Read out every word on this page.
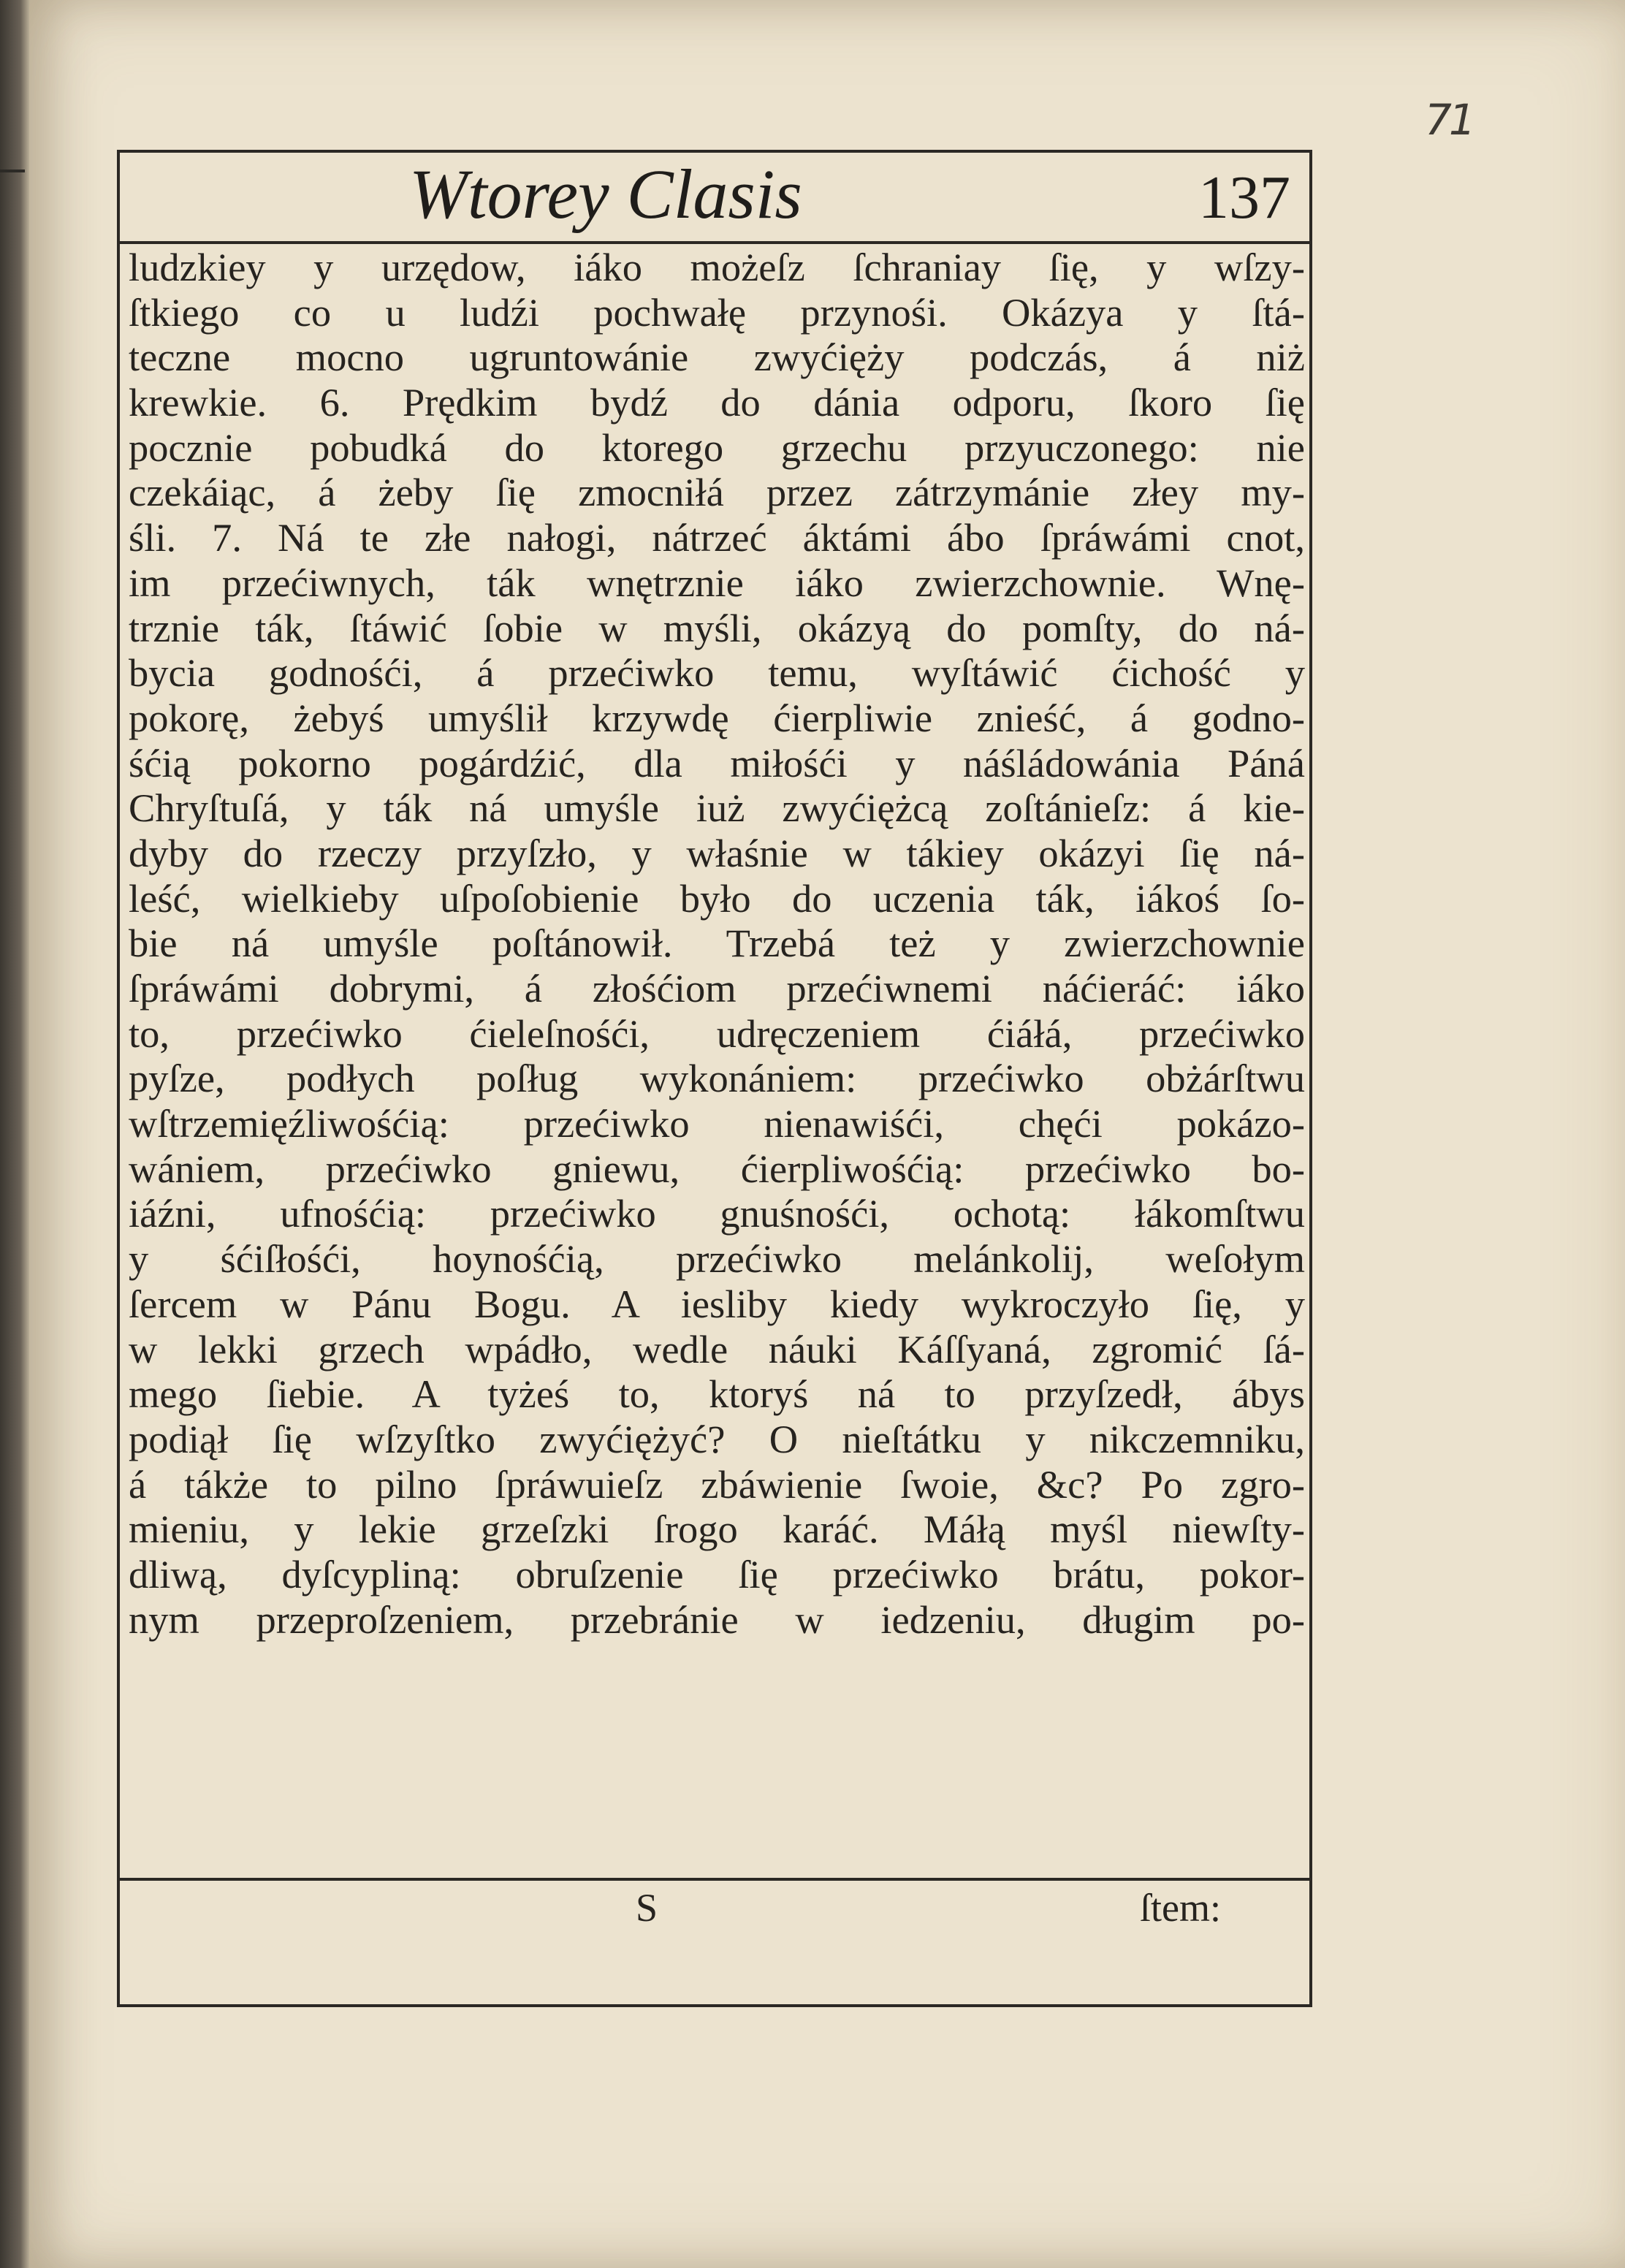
71
Wtorey Clasis	137
ludzkiey y urzędow, iáko możeſz ſchraniay ſię, y wſzy-
ſtkiego co u ludźi pochwałę przynośi. Okázya y ſtá-
teczne mocno ugruntowánie zwyćięży podczás, á niż
krewkie. 6. Prędkim bydź do dánia odporu, ſkoro ſię
pocznie pobudká do ktorego grzechu przyuczonego: nie
czekáiąc, á żeby ſię zmocniłá przez zátrzymánie złey my-
śli. 7. Ná te złe nałogi, nátrzeć áktámi ábo ſpráwámi cnot,
im przećiwnych, ták wnętrznie iáko zwierzchownie. Wnę-
trznie ták, ſtáwić ſobie w myśli, okázyą do pomſty, do ná-
bycia godnośći, á przećiwko temu, wyſtáwić ćichość y
pokorę, żebyś umyślił krzywdę ćierpliwie znieść, á godno-
śćią pokorno pogárdźić, dla miłośći y náśládowánia Páná
Chryſtuſá, y ták ná umyśle iuż zwyćiężcą zoſtánieſz: á kie-
dyby do rzeczy przyſzło, y właśnie w tákiey okázyi ſię ná-
leść, wielkieby uſpoſobienie było do uczenia ták, iákoś ſo-
bie ná umyśle poſtánowił. Trzebá też y zwierzchownie
ſpráwámi dobrymi, á złośćiom przećiwnemi náćieráć: iáko
to, przećiwko ćieleſnośći, udręczeniem ćiáłá, przećiwko
pyſze, podłych poſług wykonániem: przećiwko obżárſtwu
wſtrzemięźliwośćią: przećiwko nienawiśći, chęći pokázo-
wániem, przećiwko gniewu, ćierpliwośćią: przećiwko bo-
iáźni, ufnośćią: przećiwko gnuśnośći, ochotą: łákomſtwu
y śćiſłośći, hoynośćią, przećiwko melánkolij, weſołym
ſercem w Pánu Bogu. A iesliby kiedy wykroczyło ſię, y
w lekki grzech wpádło, wedle náuki Káſſyaná, zgromić ſá-
mego ſiebie. A tyżeś to, ktoryś ná to przyſzedł, ábys
podiął ſię wſzyſtko zwyćiężyć? O nieſtátku y nikczemniku,
á tákże to pilno ſpráwuieſz zbáwienie ſwoie, &c? Po zgro-
mieniu, y lekie grzeſzki ſrogo karáć. Máłą myśl niewſty-
dliwą, dyſcypliną: obruſzenie ſię przećiwko brátu, pokor-
nym przeproſzeniem, przebránie w iedzeniu, długim po-
S	ſtem:
